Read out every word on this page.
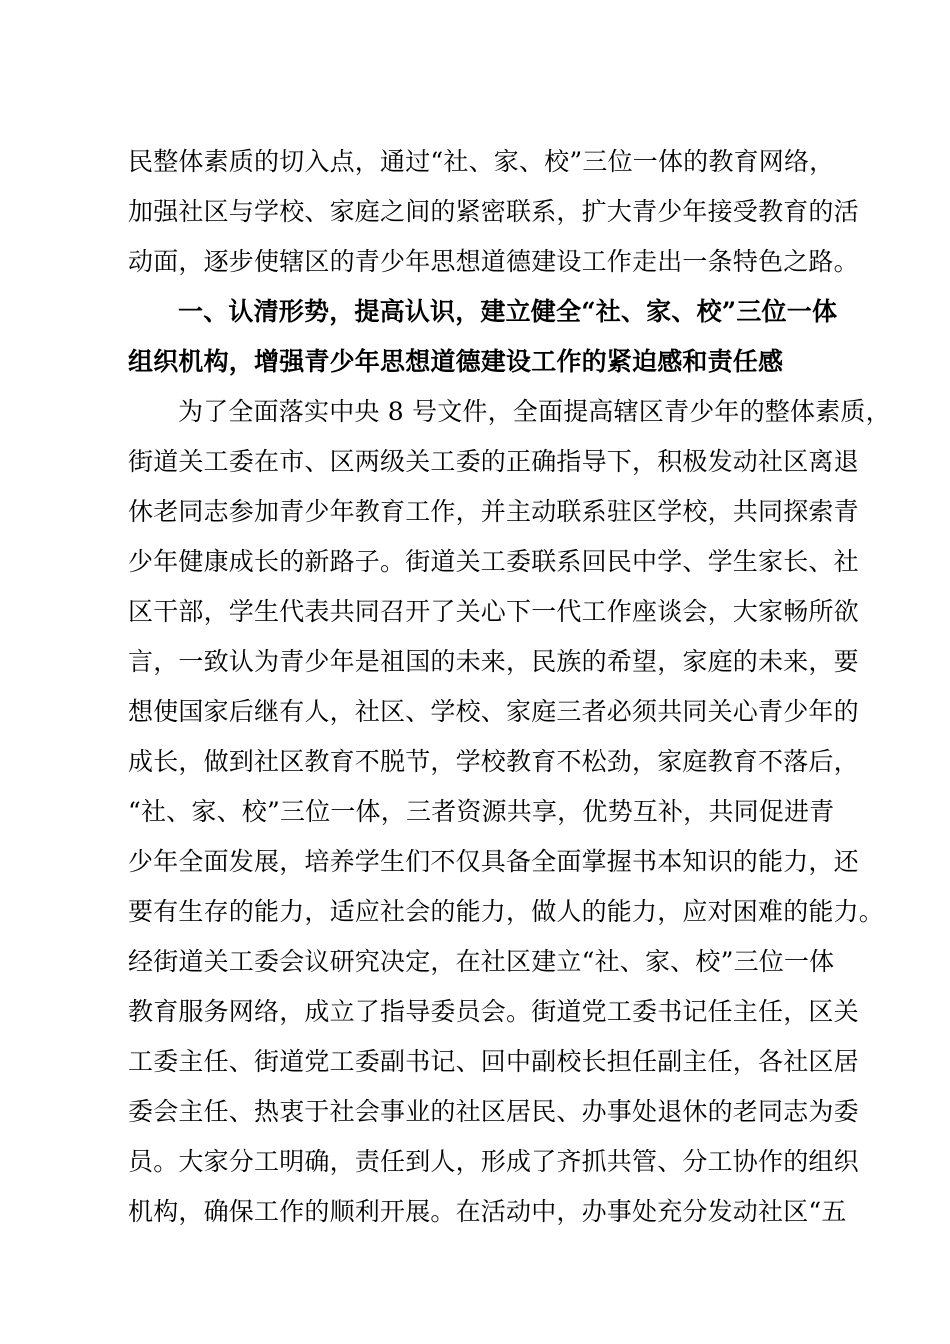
民整体素质的切入点，通过“社、家、校”三位一体的教育网络，
加强社区与学校、家庭之间的紧密联系，扩大青少年接受教育的活
动面，逐步使辖区的青少年思想道德建设工作走出一条特色之路。
一、认清形势，提高认识，建立健全“社、家、校”三位一体
组织机构，增强青少年思想道德建设工作的紧迫感和责任感
为了全面落实中央 8 号文件，全面提高辖区青少年的整体素质，
街道关工委在市、区两级关工委的正确指导下，积极发动社区离退
休老同志参加青少年教育工作，并主动联系驻区学校，共同探索青
少年健康成长的新路子。街道关工委联系回民中学、学生家长、社
区干部，学生代表共同召开了关心下一代工作座谈会，大家畅所欲
言，一致认为青少年是祖国的未来，民族的希望，家庭的未来，要
想使国家后继有人，社区、学校、家庭三者必须共同关心青少年的
成长，做到社区教育不脱节，学校教育不松劲，家庭教育不落后，
“社、家、校”三位一体，三者资源共享，优势互补，共同促进青
少年全面发展，培养学生们不仅具备全面掌握书本知识的能力，还
要有生存的能力，适应社会的能力，做人的能力，应对困难的能力。
经街道关工委会议研究决定，在社区建立“社、家、校”三位一体
教育服务网络，成立了指导委员会。街道党工委书记任主任，区关
工委主任、街道党工委副书记、回中副校长担任副主任，各社区居
委会主任、热衷于社会事业的社区居民、办事处退休的老同志为委
员。大家分工明确，责任到人，形成了齐抓共管、分工协作的组织
机构，确保工作的顺利开展。在活动中，办事处充分发动社区“五
